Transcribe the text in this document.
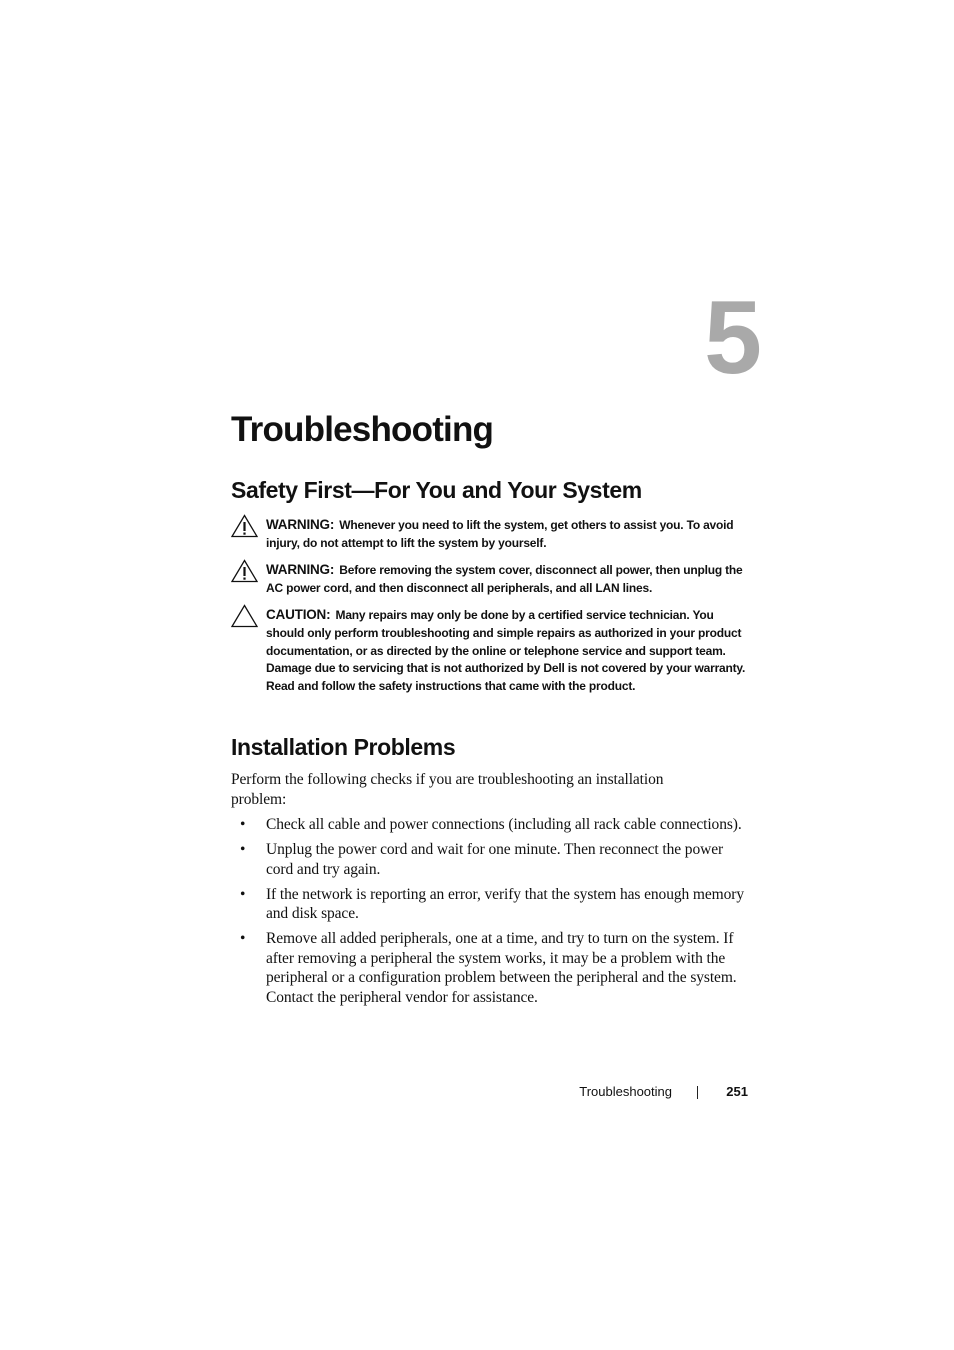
5
Troubleshooting
Safety First—For You and Your System
WARNING: Whenever you need to lift the system, get others to assist you. To avoid injury, do not attempt to lift the system by yourself.
WARNING: Before removing the system cover, disconnect all power, then unplug the AC power cord, and then disconnect all peripherals, and all LAN lines.
CAUTION: Many repairs may only be done by a certified service technician. You should only perform troubleshooting and simple repairs as authorized in your product documentation, or as directed by the online or telephone service and support team. Damage due to servicing that is not authorized by Dell is not covered by your warranty. Read and follow the safety instructions that came with the product.
Installation Problems

Perform the following checks if you are troubleshooting an installation problem:

• Check all cable and power connections (including all rack cable connections).
• Unplug the power cord and wait for one minute. Then reconnect the power cord and try again.
• If the network is reporting an error, verify that the system has enough memory and disk space.
• Remove all added peripherals, one at a time, and try to turn on the system. If after removing a peripheral the system works, it may be a problem with the peripheral or a configuration problem between the peripheral and the system. Contact the peripheral vendor for assistance.
Troubleshooting	251
